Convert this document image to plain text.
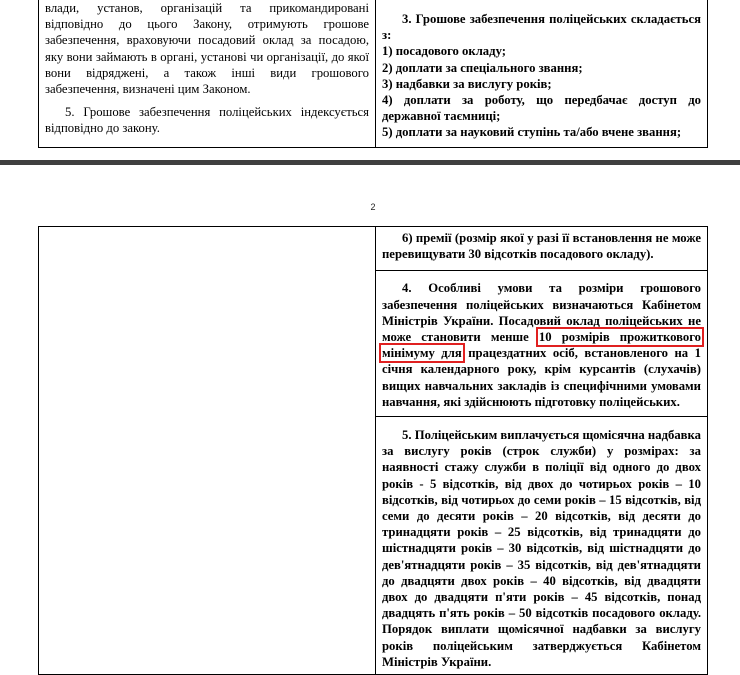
влади, установ, організацій та прикомандировані відповідно до цього Закону, отримують грошове забезпечення, враховуючи посадовий оклад за посадою, яку вони займають в органі, установі чи організації, до якої вони відряджені, а також інші види грошового забезпечення, визначені цим Законом.

5. Грошове забезпечення поліцейських індексується відповідно до закону.

3. Грошове забезпечення поліцейських складається з:

1) посадового окладу;

2) доплати за спеціального звання;

3) надбавки за вислугу років;

4) доплати за роботу, що передбачає доступ до державної таємниці;

5) доплати за науковий ступінь та/або вчене звання;

2

6) премії (розмір якої у разі її встановлення не може перевищувати 30 відсотків посадового окладу).

4. Особливі умови та розміри грошового забезпечення поліцейських визначаються Кабінетом Міністрів України. Посадовий оклад поліцейських не може становити менше 10 розмірів прожиткового мінімуму для працездатних осіб, встановленого на 1 січня календарного року, крім курсантів (слухачів) вищих навчальних закладів із специфічними умовами навчання, які здійснюють підготовку поліцейських.

5. Поліцейським виплачується щомісячна надбавка за вислугу років (строк служби) у розмірах: за наявності стажу служби в поліції від одного до двох років - 5 відсотків, від двох до чотирьох років – 10 відсотків, від чотирьох до семи років – 15 відсотків, від семи до десяти років – 20 відсотків, від десяти до тринадцяти років – 25 відсотків, від тринадцяти до шістнадцяти років – 30 відсотків, від шістнадцяти до дев'ятнадцяти років – 35 відсотків, від дев'ятнадцяти до двадцяти двох років – 40 відсотків, від двадцяти двох до двадцяти п'яти років – 45 відсотків, понад двадцять п'ять років – 50 відсотків посадового окладу. Порядок виплати щомісячної надбавки за вислугу років поліцейським затверджується Кабінетом Міністрів України.
